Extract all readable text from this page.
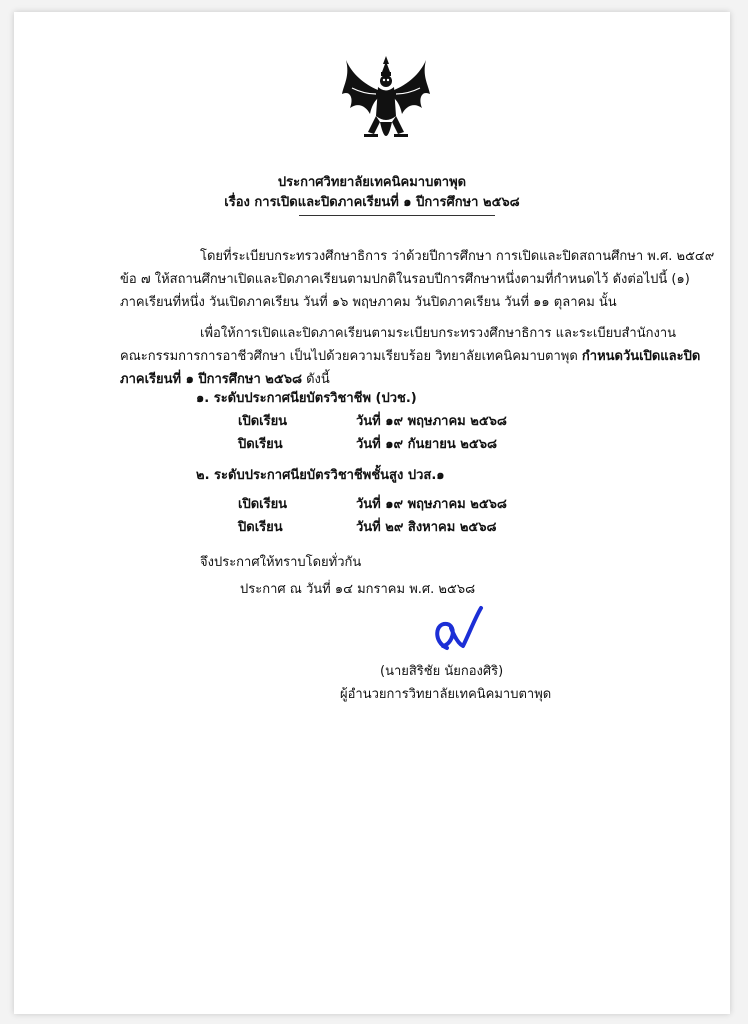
ประกาศวิทยาลัยเทคนิคมาบตาพุด
เรื่อง การเปิดและปิดภาคเรียนที่ ๑ ปีการศึกษา ๒๕๖๘
โดยที่ระเบียบกระทรวงศึกษาธิการ ว่าด้วยปีการศึกษา การเปิดและปิดสถานศึกษา พ.ศ. ๒๕๔๙
ข้อ ๗ ให้สถานศึกษาเปิดและปิดภาคเรียนตามปกติในรอบปีการศึกษาหนึ่งตามที่กำหนดไว้ ดังต่อไปนี้ (๑)
ภาคเรียนที่หนึ่ง วันเปิดภาคเรียน วันที่ ๑๖ พฤษภาคม วันปิดภาคเรียน วันที่ ๑๑ ตุลาคม นั้น
เพื่อให้การเปิดและปิดภาคเรียนตามระเบียบกระทรวงศึกษาธิการ และระเบียบสำนักงาน
คณะกรรมการการอาชีวศึกษา เป็นไปด้วยความเรียบร้อย วิทยาลัยเทคนิคมาบตาพุด กำหนดวันเปิดและปิด
ภาคเรียนที่ ๑ ปีการศึกษา ๒๕๖๘ ดังนี้
๑. ระดับประกาศนียบัตรวิชาชีพ (ปวช.)
เปิดเรียน	วันที่ ๑๙ พฤษภาคม ๒๕๖๘
ปิดเรียน	วันที่ ๑๙ กันยายน ๒๕๖๘
๒. ระดับประกาศนียบัตรวิชาชีพชั้นสูง ปวส.๑
เปิดเรียน	วันที่ ๑๙ พฤษภาคม ๒๕๖๘
ปิดเรียน	วันที่ ๒๙ สิงหาคม ๒๕๖๘
จึงประกาศให้ทราบโดยทั่วกัน
ประกาศ ณ วันที่ ๑๔ มกราคม พ.ศ. ๒๕๖๘
(นายสิริชัย นัยกองศิริ)
ผู้อำนวยการวิทยาลัยเทคนิคมาบตาพุด
